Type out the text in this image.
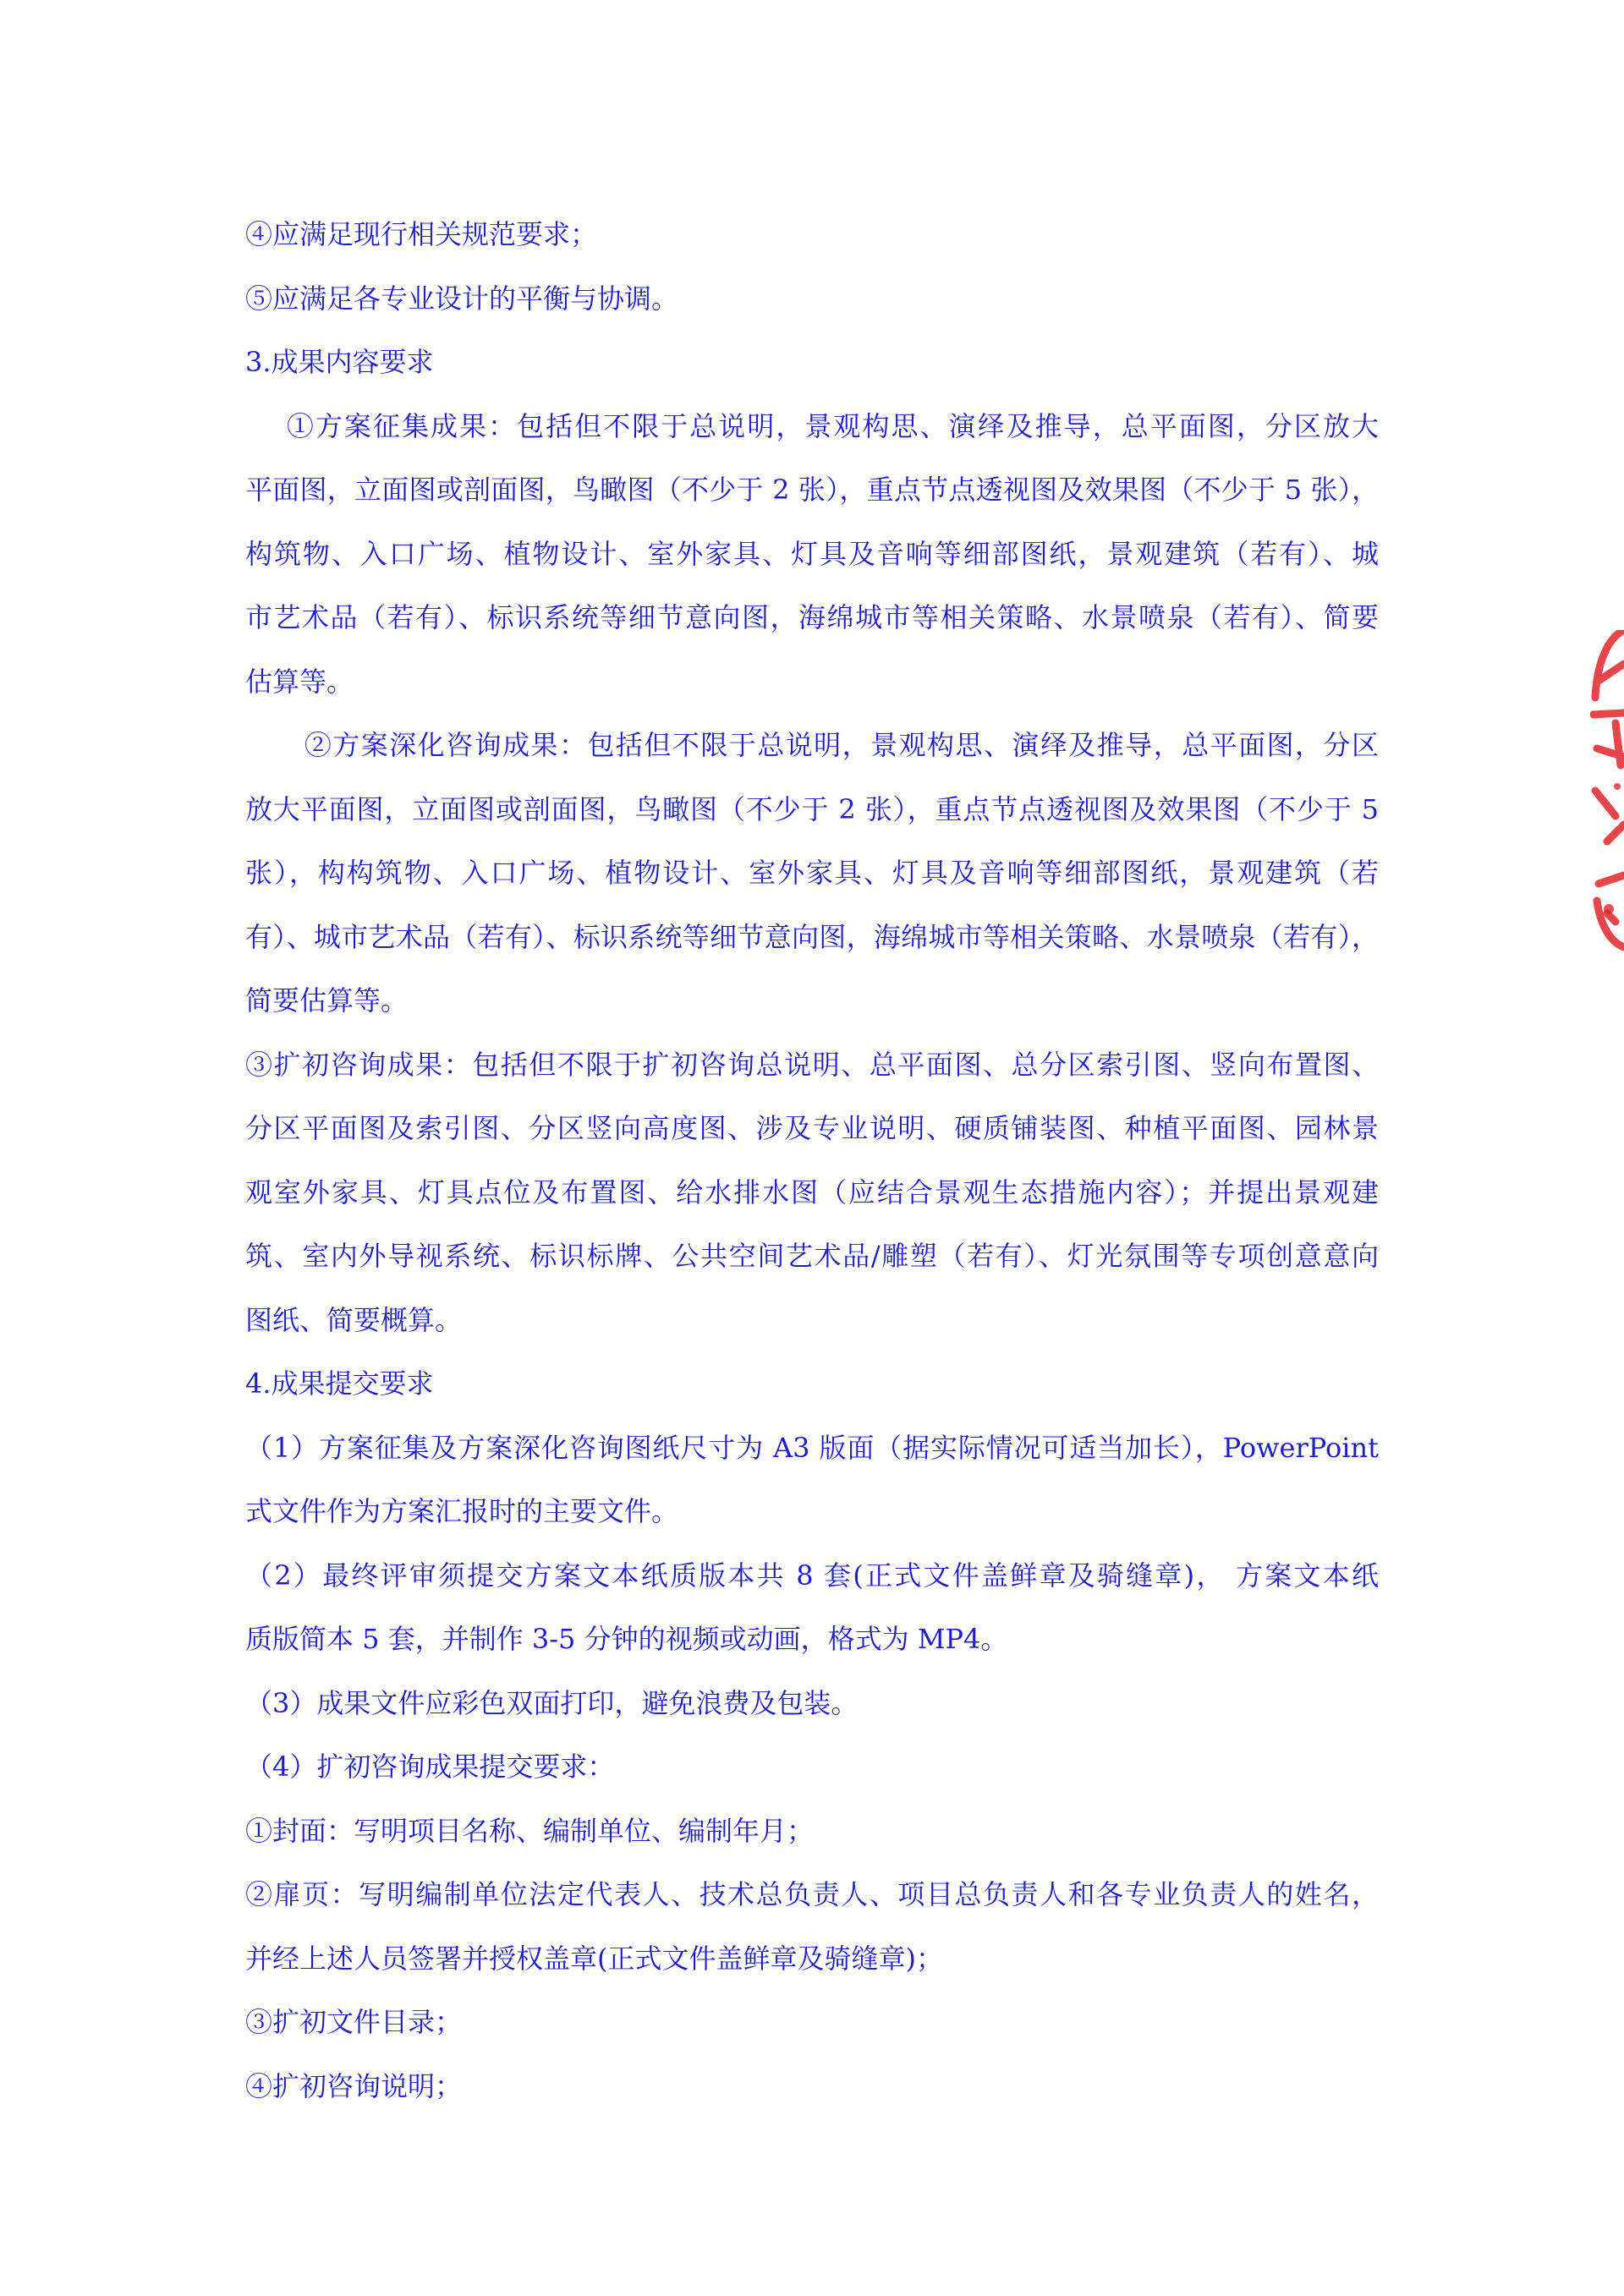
④应满足现行相关规范要求；
⑤应满足各专业设计的平衡与协调。
3.成果内容要求
①方案征集成果：包括但不限于总说明，景观构思、演绎及推导，总平面图，分区放大
平面图，立面图或剖面图，鸟瞰图（不少于 2 张），重点节点透视图及效果图（不少于 5 张），
构筑物、入口广场、植物设计、室外家具、灯具及音响等细部图纸，景观建筑（若有）、城
市艺术品（若有）、标识系统等细节意向图，海绵城市等相关策略、水景喷泉（若有）、简要
估算等。
②方案深化咨询成果：包括但不限于总说明，景观构思、演绎及推导，总平面图，分区
放大平面图，立面图或剖面图，鸟瞰图（不少于 2 张），重点节点透视图及效果图（不少于 5
张），构构筑物、入口广场、植物设计、室外家具、灯具及音响等细部图纸，景观建筑（若
有）、城市艺术品（若有）、标识系统等细节意向图，海绵城市等相关策略、水景喷泉（若有），
简要估算等。
③扩初咨询成果：包括但不限于扩初咨询总说明、总平面图、总分区索引图、竖向布置图、
分区平面图及索引图、分区竖向高度图、涉及专业说明、硬质铺装图、种植平面图、园林景
观室外家具、灯具点位及布置图、给水排水图（应结合景观生态措施内容）；并提出景观建
筑、室内外导视系统、标识标牌、公共空间艺术品/雕塑（若有）、灯光氛围等专项创意意向
图纸、简要概算。
4.成果提交要求
（1）方案征集及方案深化咨询图纸尺寸为 A3 版面（据实际情况可适当加长），PowerPoint
式文件作为方案汇报时的主要文件。
（2）最终评审须提交方案文本纸质版本共 8 套(正式文件盖鲜章及骑缝章)， 方案文本纸
质版简本 5 套，并制作 3-5 分钟的视频或动画，格式为 MP4。
（3）成果文件应彩色双面打印，避免浪费及包装。
（4）扩初咨询成果提交要求：
①封面：写明项目名称、编制单位、编制年月；
②扉页：写明编制单位法定代表人、技术总负责人、项目总负责人和各专业负责人的姓名，
并经上述人员签署并授权盖章(正式文件盖鲜章及骑缝章)；
③扩初文件目录；
④扩初咨询说明；
